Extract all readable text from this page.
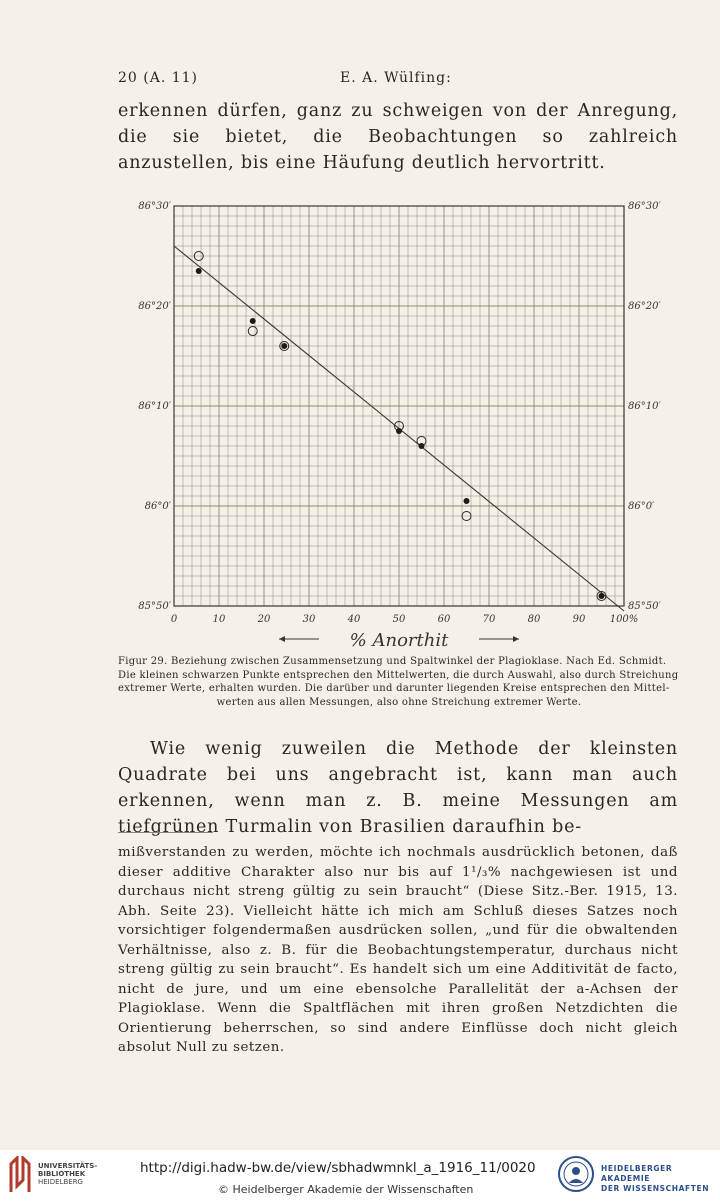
20 (A. 11)	E. A. Wülfing:

erkennen dürfen, ganz zu schweigen von der Anregung, die sie bietet, die Beobachtungen so zahlreich anzustellen, bis eine Häufung deutlich hervortritt.

0	10	20	30	40	50	60	70	80	90 100%
86°30′
86°20′
86°10′
86°0′
85°50′
86°30′
86°20′
86°10′
86°0′
85°50′
% Anorthit

Figur 29. Beziehung zwischen Zusammensetzung und Spaltwinkel der Plagioklase. Nach Ed. Schmidt.

Die kleinen schwarzen Punkte entsprechen den Mittelwerten, die durch Auswahl, also durch Streichung

extremer Werte, erhalten wurden. Die darüber und darunter liegenden Kreise entsprechen den Mittel-

werten aus allen Messungen, also ohne Streichung extremer Werte.

Wie wenig zuweilen die Methode der kleinsten Quadrate bei uns angebracht ist, kann man auch erkennen, wenn man z. B. meine Messungen am tiefgrünen Turmalin von Brasilien daraufhin be-

mißverstanden zu werden, möchte ich nochmals ausdrücklich betonen, daß dieser additive Charakter also nur bis auf 1¹/₃% nachgewiesen ist und durchaus nicht streng gültig zu sein braucht“ (Diese Sitz.-Ber. 1915, 13. Abh. Seite 23). Vielleicht hätte ich mich am Schluß dieses Satzes noch vorsichtiger folgendermaßen ausdrücken sollen, „und für die obwaltenden Verhältnisse, also z. B. für die Beobachtungstemperatur, durchaus nicht streng gültig zu sein braucht“. Es handelt sich um eine Additivität de facto, nicht de jure, und um eine ebensolche Parallelität der a-Achsen der Plagioklase. Wenn die Spaltflächen mit ihren großen Netzdichten die Orientierung beherrschen, so sind andere Einflüsse doch nicht gleich absolut Null zu setzen.

UNIVERSITÄTS-
BIBLIOTHEK
HEIDELBERG
http://digi.hadw-bw.de/view/sbhadwmnkl_a_1916_11/0020
© Heidelberger Akademie der Wissenschaften
HEIDELBERGER AKADEMIE
DER WISSENSCHAFTEN
